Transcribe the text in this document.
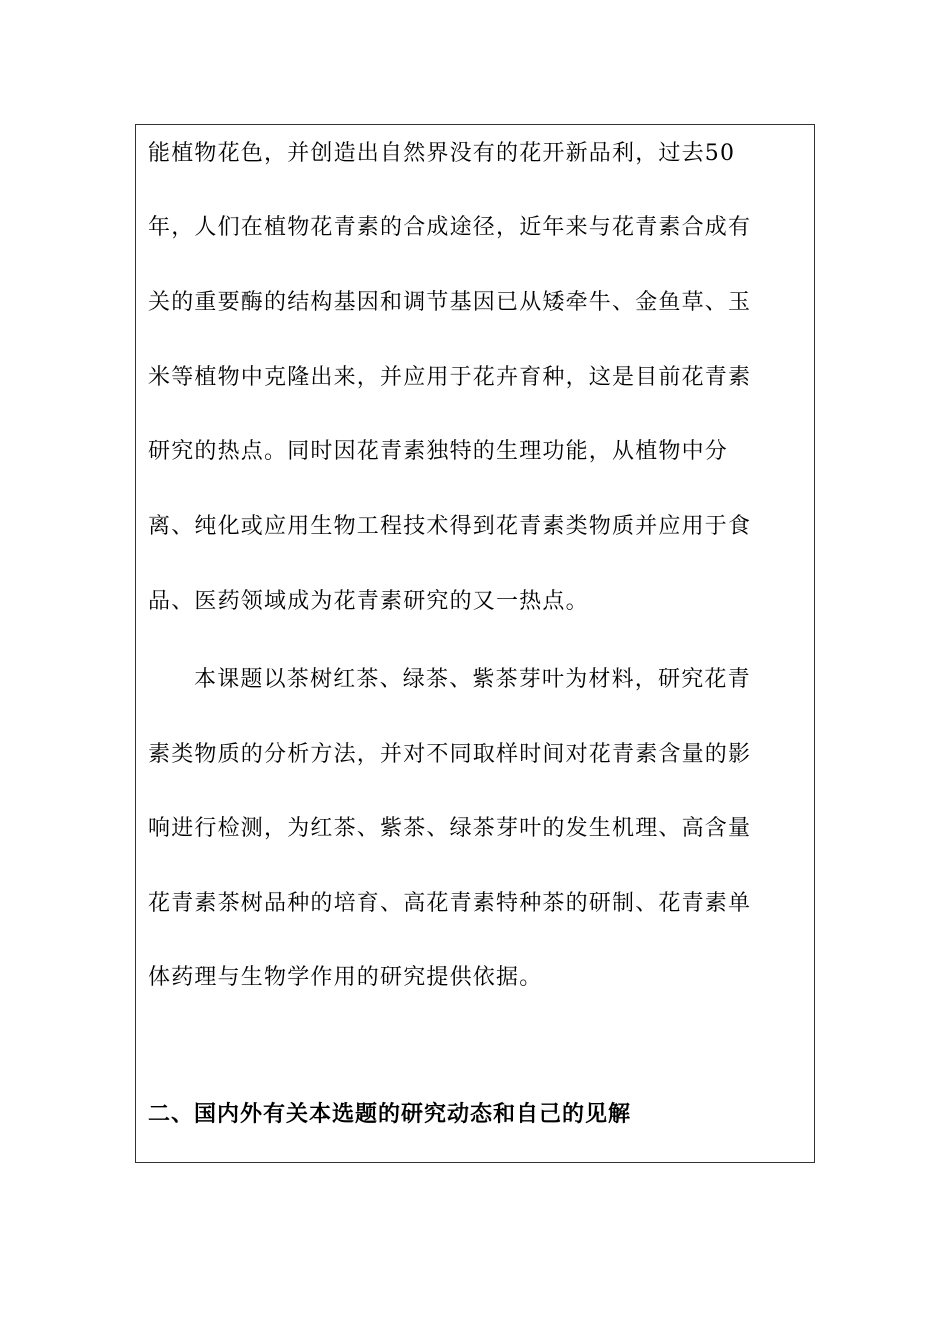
能植物花色，并创造出自然界没有的花开新品利，过去50
年，人们在植物花青素的合成途径，近年来与花青素合成有
关的重要酶的结构基因和调节基因已从矮牵牛、金鱼草、玉
米等植物中克隆出来，并应用于花卉育种，这是目前花青素
研究的热点。同时因花青素独特的生理功能，从植物中分
离、纯化或应用生物工程技术得到花青素类物质并应用于食
品、医药领域成为花青素研究的又一热点。
本课题以茶树红茶、绿茶、紫茶芽叶为材料，研究花青
素类物质的分析方法，并对不同取样时间对花青素含量的影
响进行检测，为红茶、紫茶、绿茶芽叶的发生机理、高含量
花青素茶树品种的培育、高花青素特种茶的研制、花青素单
体药理与生物学作用的研究提供依据。
二、国内外有关本选题的研究动态和自己的见解
